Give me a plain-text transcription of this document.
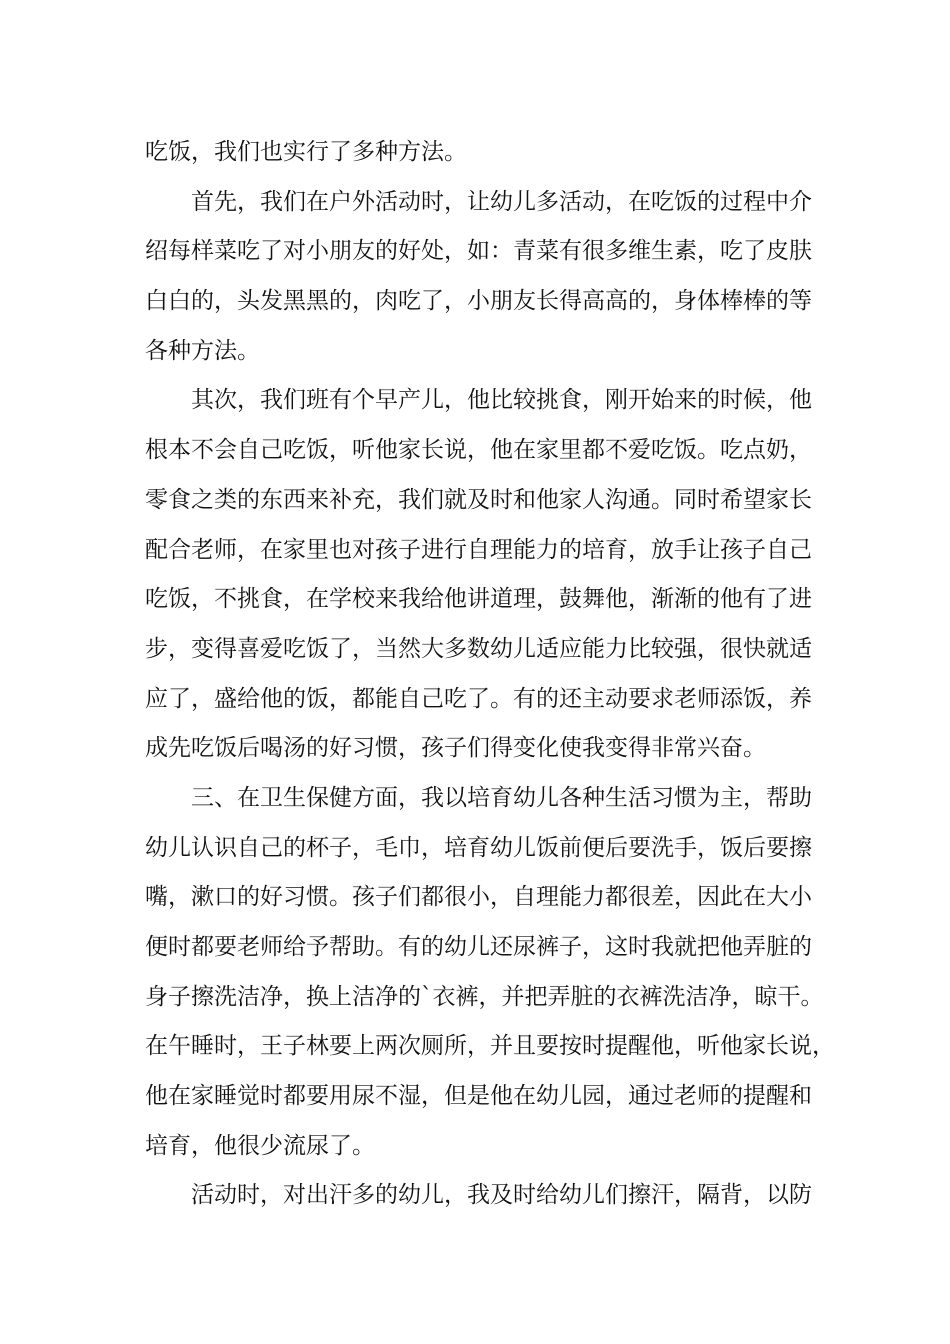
吃饭，我们也实行了多种方法。
首先，我们在户外活动时，让幼儿多活动，在吃饭的过程中介
绍每样菜吃了对小朋友的好处，如：青菜有很多维生素，吃了皮肤
白白的，头发黑黑的，肉吃了，小朋友长得高高的，身体棒棒的等
各种方法。
其次，我们班有个早产儿，他比较挑食，刚开始来的时候，他
根本不会自己吃饭，听他家长说，他在家里都不爱吃饭。吃点奶，
零食之类的东西来补充，我们就及时和他家人沟通。同时希望家长
配合老师，在家里也对孩子进行自理能力的培育，放手让孩子自己
吃饭，不挑食，在学校来我给他讲道理，鼓舞他，渐渐的他有了进
步，变得喜爱吃饭了，当然大多数幼儿适应能力比较强，很快就适
应了，盛给他的饭，都能自己吃了。有的还主动要求老师添饭，养
成先吃饭后喝汤的好习惯，孩子们得变化使我变得非常兴奋。
三、在卫生保健方面，我以培育幼儿各种生活习惯为主，帮助
幼儿认识自己的杯子，毛巾，培育幼儿饭前便后要洗手，饭后要擦
嘴，漱口的好习惯。孩子们都很小，自理能力都很差，因此在大小
便时都要老师给予帮助。有的幼儿还尿裤子，这时我就把他弄脏的
身子擦洗洁净，换上洁净的`衣裤，并把弄脏的衣裤洗洁净，晾干。
在午睡时，王子林要上两次厕所，并且要按时提醒他，听他家长说，
他在家睡觉时都要用尿不湿，但是他在幼儿园，通过老师的提醒和
培育，他很少流尿了。
活动时，对出汗多的幼儿，我及时给幼儿们擦汗，隔背，以防
